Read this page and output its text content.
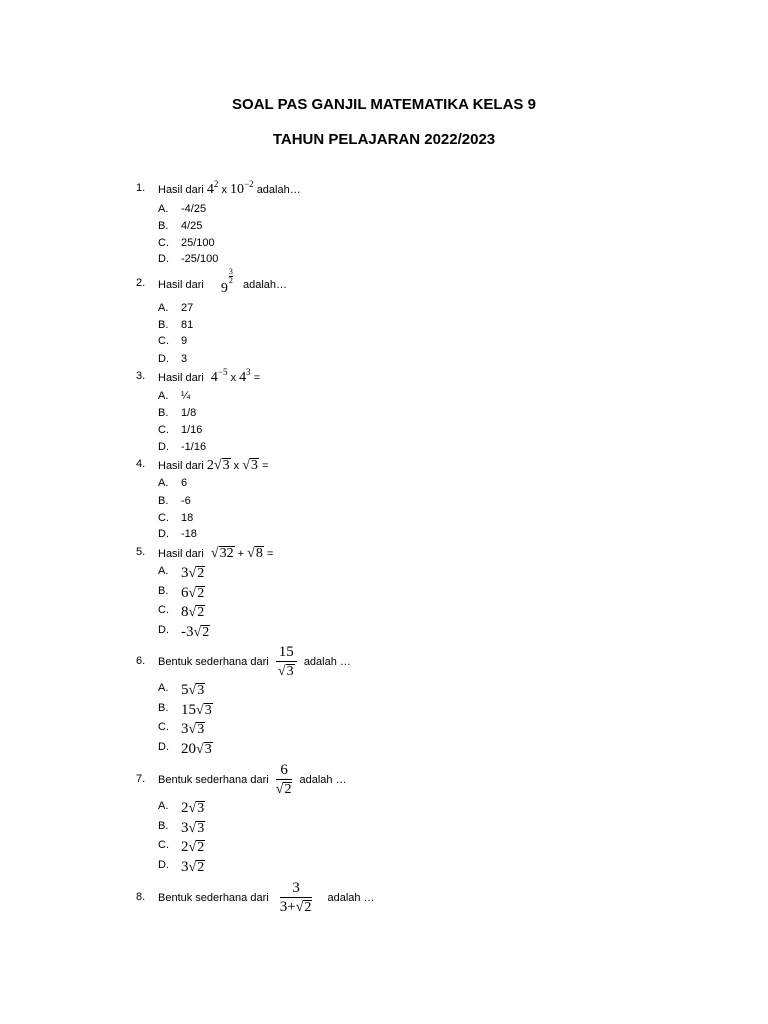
SOAL PAS GANJIL MATEMATIKA KELAS 9
TAHUN PELAJARAN 2022/2023
1. Hasil dari $4^2$ x $10^{-2}$ adalah…
A. -4/25
B. 4/25
C. 25/100
D. -25/100
2. Hasil dari 9
3
2 adalah…
A. 27
B. 81
C. 9
D. 3
3. Hasil dari $4^{-5}$ x $4^3$ =
A. ¼
B. 1/8
C. 1/16
D. -1/16
4. Hasil dari 2√3 x √3 =
A. 6
B. -6
C. 18
D. -18
5. Hasil dari √32 + √8 =
A. 3√2
B. 6√2
C. 8√2
D. -3√2
6. Bentuk sederhana dari $\frac{15}{√3}$ adalah …
A. 5√3
B. 15√3
C. 3√3
D. 20√3
7. Bentuk sederhana dari $\frac{6}{√2}$ adalah …
A. 2√3
B. 3√3
C. 2√2
D. 3√2
8. Bentuk sederhana dari $\frac{3}{3+√2}$ adalah …
